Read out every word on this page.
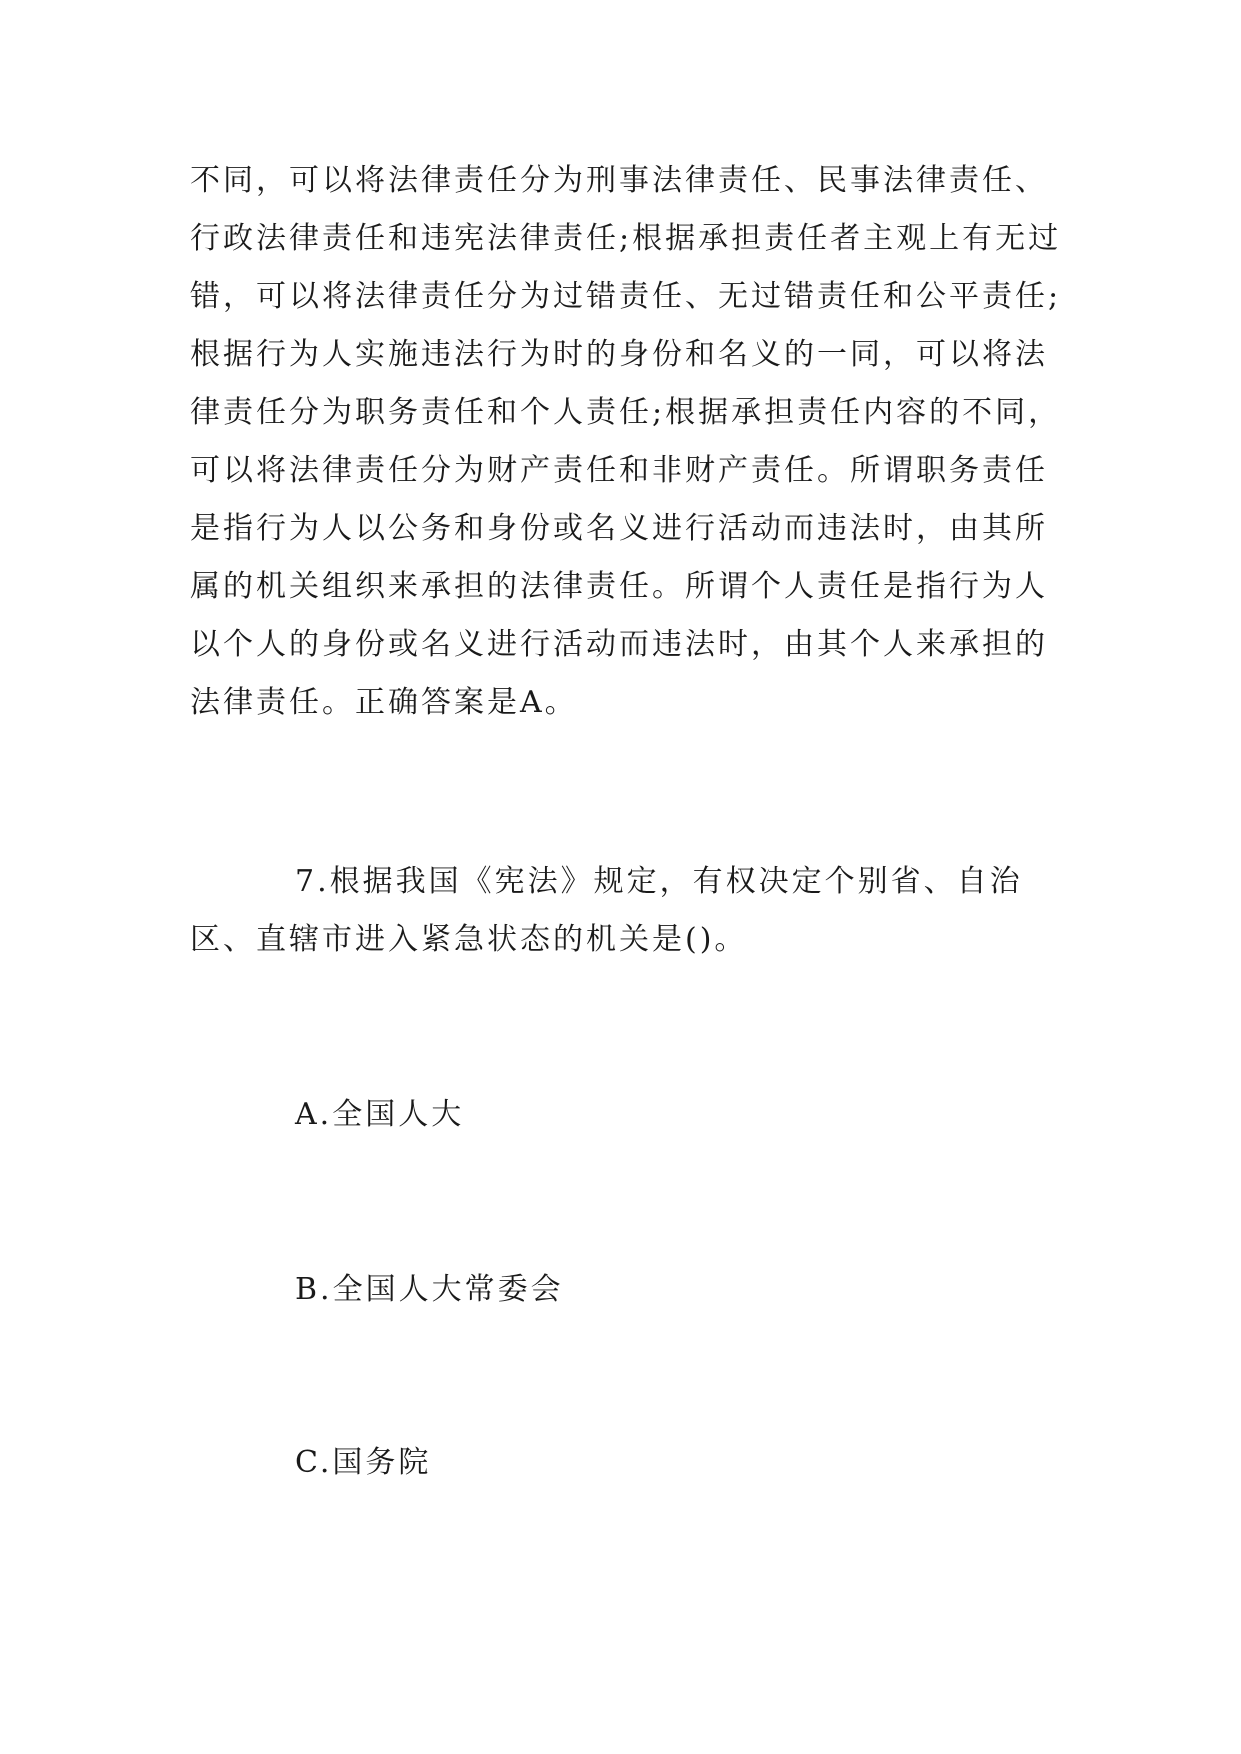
不同，可以将法律责任分为刑事法律责任、民事法律责任、行政法律责任和违宪法律责任;根据承担责任者主观上有无过错，可以将法律责任分为过错责任、无过错责任和公平责任;根据行为人实施违法行为时的身份和名义的一同，可以将法律责任分为职务责任和个人责任;根据承担责任内容的不同，可以将法律责任分为财产责任和非财产责任。所谓职务责任是指行为人以公务和身份或名义进行活动而违法时，由其所属的机关组织来承担的法律责任。所谓个人责任是指行为人以个人的身份或名义进行活动而违法时，由其个人来承担的法律责任。正确答案是A。

7.根据我国《宪法》规定，有权决定个别省、自治区、直辖市进入紧急状态的机关是()。

A.全国人大

B.全国人大常委会

C.国务院
